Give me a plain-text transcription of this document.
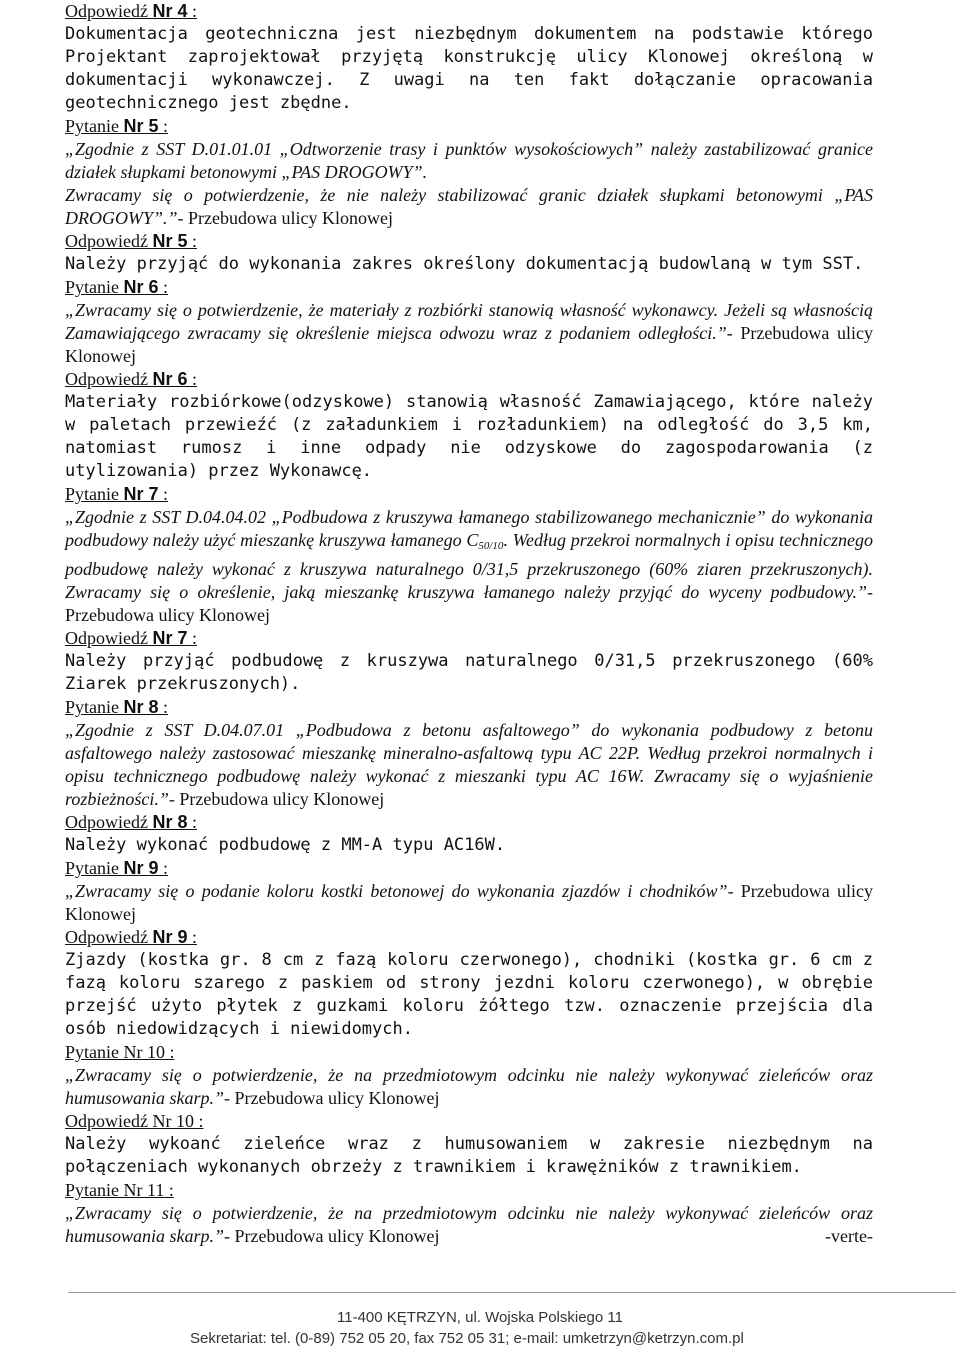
Odpowiedź Nr 4 :

Dokumentacja geotechniczna jest niezbędnym dokumentem na podstawie którego Projektant zaprojektował przyjętą konstrukcję ulicy Klonowej określoną w dokumentacji wykonawczej. Z uwagi na ten fakt dołączanie opracowania geotechnicznego jest zbędne.

Pytanie Nr 5 :

„Zgodnie z SST D.01.01.01 „Odtworzenie trasy i punktów wysokościowych” należy zastabilizować granice działek słupkami betonowymi „PAS DROGOWY”.

Zwracamy się o potwierdzenie, że nie należy stabilizować granic działek słupkami betonowymi „PAS DROGOWY”.”- Przebudowa ulicy Klonowej

Odpowiedź Nr 5 :

Należy przyjąć do wykonania zakres określony dokumentacją budowlaną w tym SST.

Pytanie Nr 6 :

„Zwracamy się o potwierdzenie, że materiały z rozbiórki stanowią własność wykonawcy. Jeżeli są własnością Zamawiającego zwracamy się określenie miejsca odwozu wraz z podaniem odległości.”- Przebudowa ulicy Klonowej

Odpowiedź Nr 6 :

Materiały rozbiórkowe(odzyskowe) stanowią własność Zamawiającego, które należy w paletach przewieźć (z załadunkiem i rozładunkiem) na odległość do 3,5 km, natomiast rumosz i inne odpady nie odzyskowe do zagospodarowania (z utylizowania) przez Wykonawcę.

Pytanie Nr 7 :

„Zgodnie z SST D.04.04.02 „Podbudowa z kruszywa łamanego stabilizowanego mechanicznie” do wykonania podbudowy należy użyć mieszankę kruszywa łamanego $C_{50/10}$. Według przekroi normalnych i opisu technicznego podbudowę należy wykonać z kruszywa naturalnego 0/31,5 przekruszonego (60% ziaren przekruszonych). Zwracamy się o określenie, jaką mieszankę kruszywa łamanego należy przyjąć do wyceny podbudowy.”- Przebudowa ulicy Klonowej

Odpowiedź Nr 7 :

Należy przyjąć podbudowę z kruszywa naturalnego 0/31,5 przekruszonego (60% Ziarek przekruszonych).

Pytanie Nr 8 :

„Zgodnie z SST D.04.07.01 „Podbudowa z betonu asfaltowego” do wykonania podbudowy z betonu asfaltowego należy zastosować mieszankę mineralno-asfaltową typu AC 22P. Według przekroi normalnych i opisu technicznego podbudowę należy wykonać z mieszanki typu AC 16W. Zwracamy się o wyjaśnienie rozbieżności.”- Przebudowa ulicy Klonowej

Odpowiedź Nr 8 :

Należy wykonać podbudowę z MM-A typu AC16W.

Pytanie Nr 9 :

„Zwracamy się o podanie koloru kostki betonowej do wykonania zjazdów i chodników”- Przebudowa ulicy Klonowej

Odpowiedź Nr 9 :

Zjazdy (kostka gr. 8 cm z fazą koloru czerwonego), chodniki (kostka gr. 6 cm z fazą koloru szarego z paskiem od strony jezdni koloru czerwonego), w obrębie przejść użyto płytek z guzkami koloru żółtego tzw. oznaczenie przejścia dla osób niedowidzących i niewidomych.

Pytanie Nr 10 :

„Zwracamy się o potwierdzenie, że na przedmiotowym odcinku nie należy wykonywać zieleńców oraz humusowania skarp.”- Przebudowa ulicy Klonowej

Odpowiedź Nr 10 :

Należy wykoanć zieleńce wraz z humusowaniem w zakresie niezbędnym na połączeniach wykonanych obrzeży z trawnikiem i krawężników z trawnikiem.

Pytanie Nr 11 :

„Zwracamy się o potwierdzenie, że na przedmiotowym odcinku nie należy wykonywać zieleńców oraz humusowania skarp.”- Przebudowa ulicy Klonowej	-verte-

11-400 KĘTRZYN, ul. Wojska Polskiego 11
Sekretariat: tel. (0-89) 752 05 20, fax 752 05 31; e-mail: umketrzyn@ketrzyn.com.pl
